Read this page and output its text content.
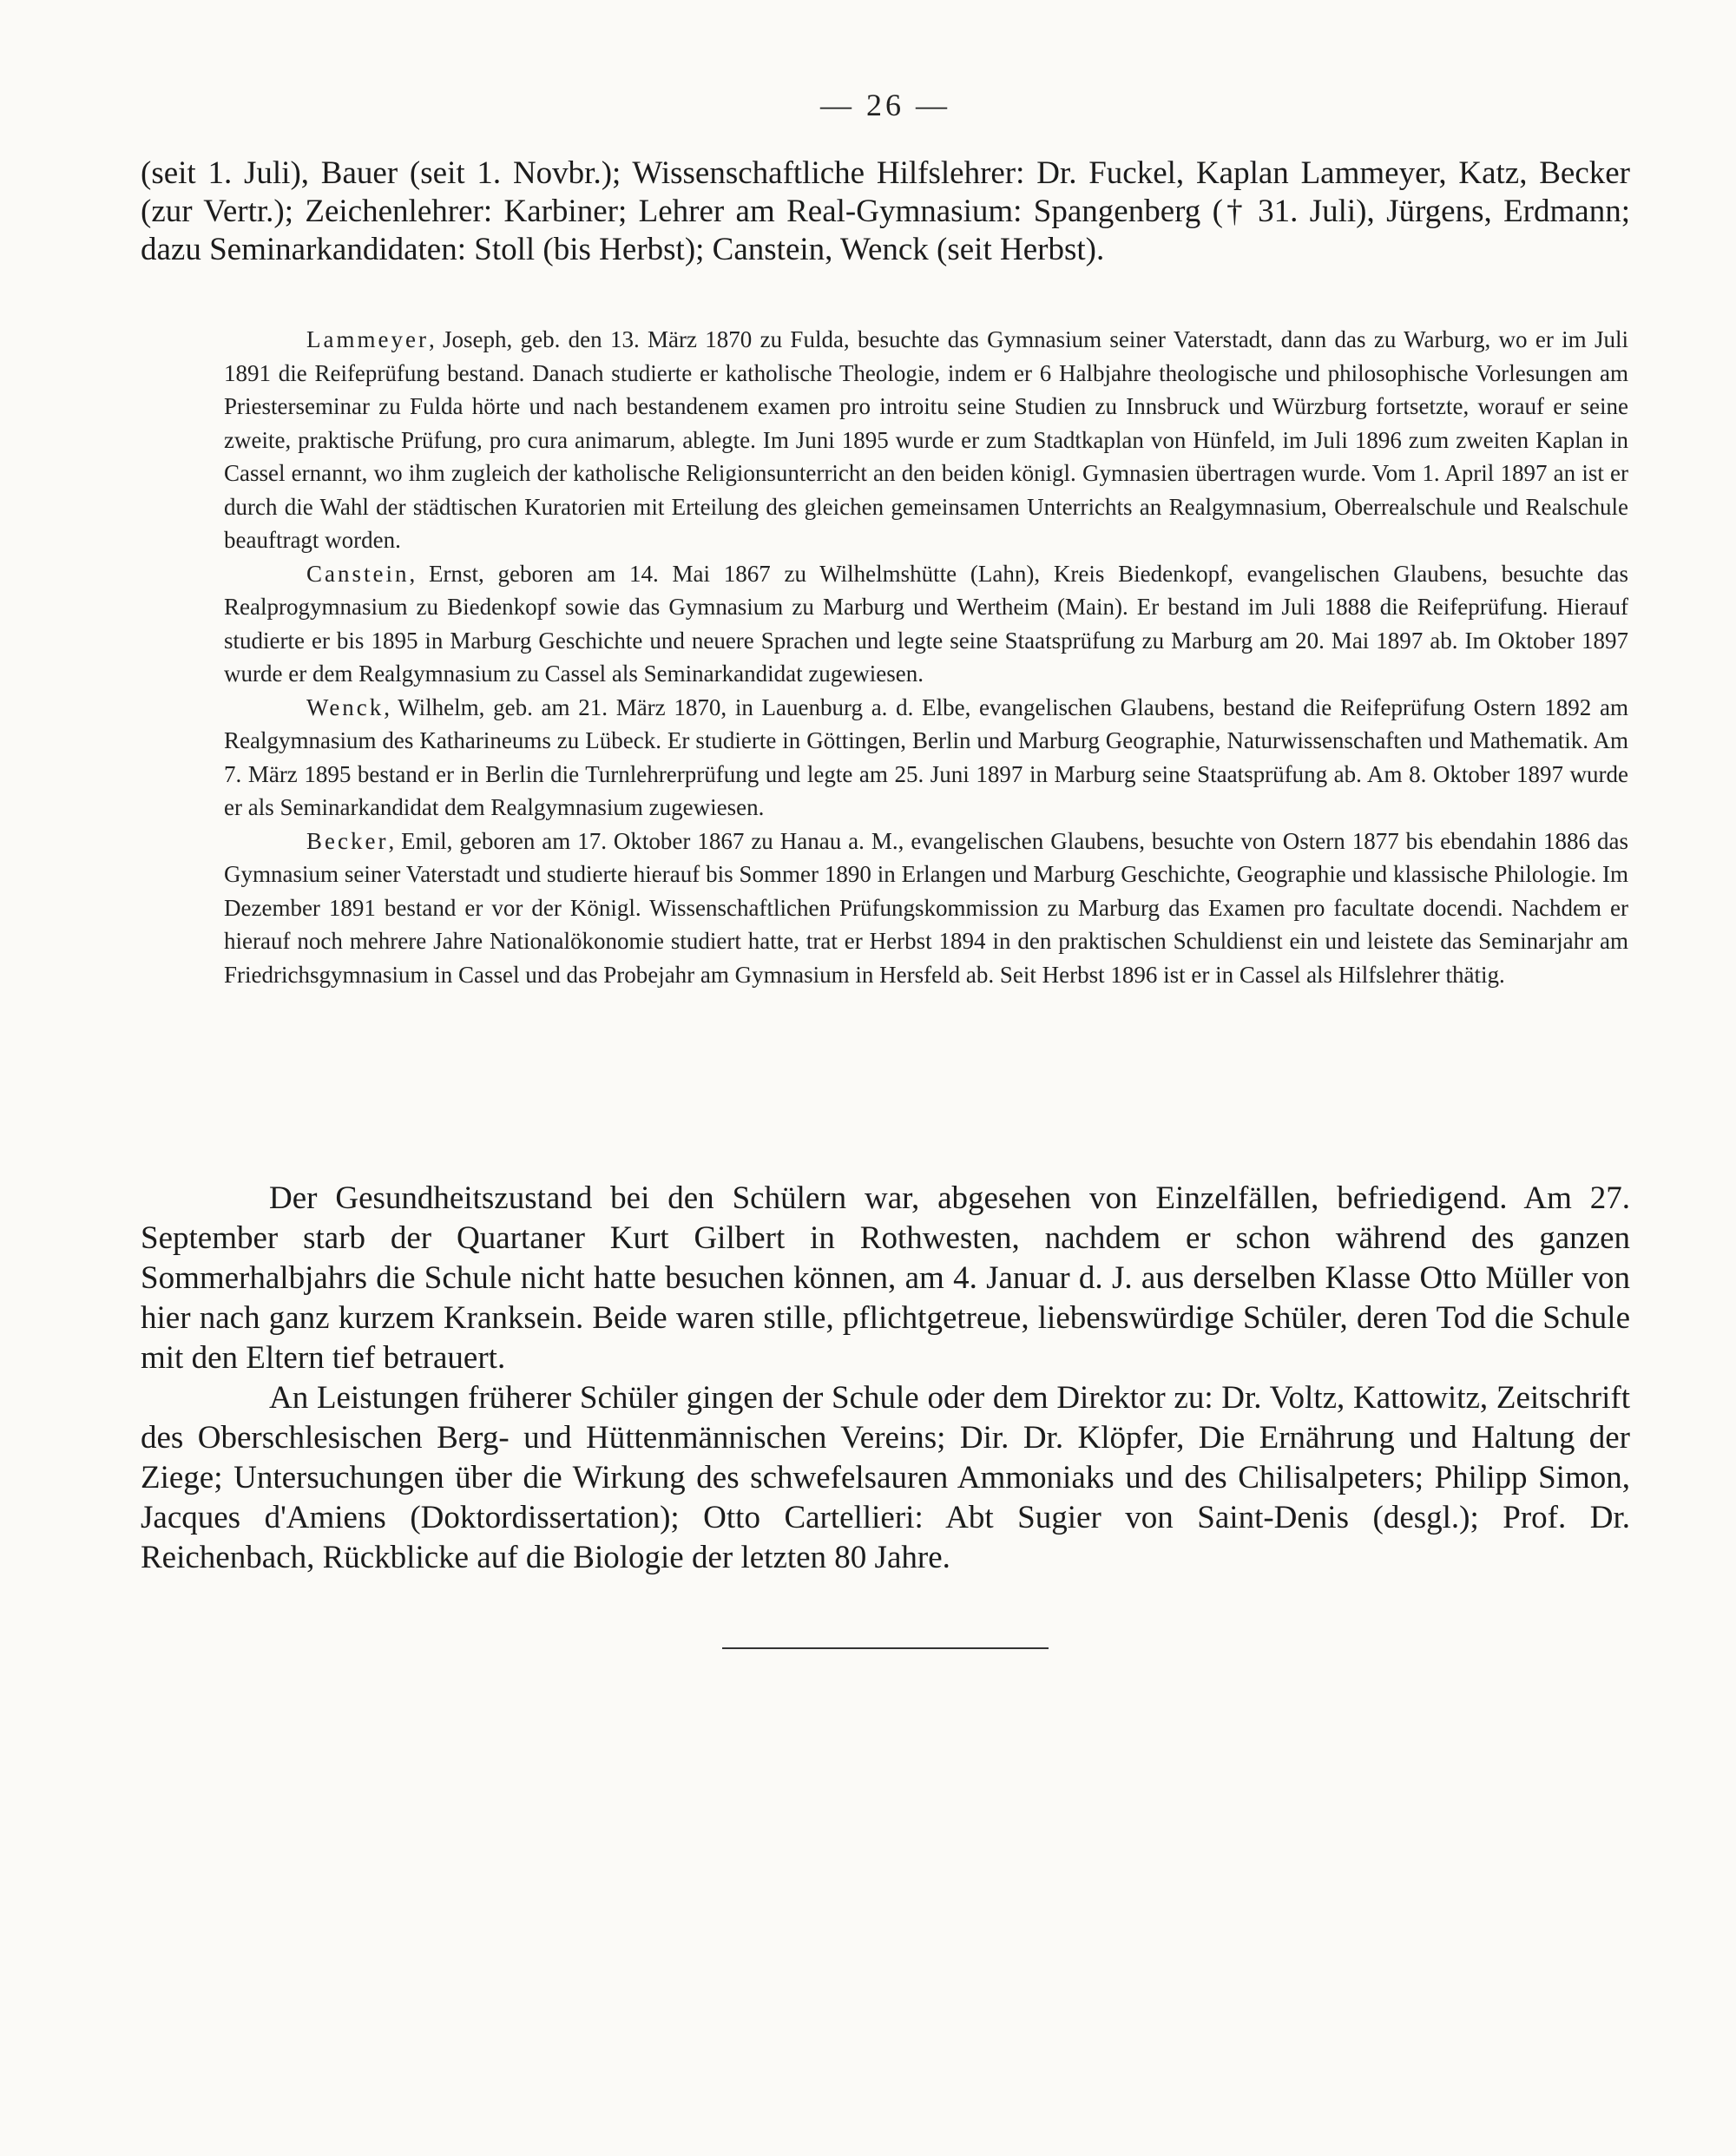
— 26 —

(seit 1. Juli), Bauer (seit 1. Novbr.); Wissenschaftliche Hilfslehrer: Dr. Fuckel, Kaplan Lammeyer, Katz, Becker (zur Vertr.); Zeichenlehrer: Karbiner; Lehrer am Real-Gymnasium: Spangenberg († 31. Juli), Jürgens, Erdmann; dazu Seminarkandidaten: Stoll (bis Herbst); Canstein, Wenck (seit Herbst).

Lammeyer, Joseph, geb. den 13. März 1870 zu Fulda, besuchte das Gymnasium seiner Vaterstadt, dann das zu Warburg, wo er im Juli 1891 die Reifeprüfung bestand. Danach studierte er katholische Theologie, indem er 6 Halbjahre theologische und philosophische Vorlesungen am Priesterseminar zu Fulda hörte und nach bestandenem examen pro introitu seine Studien zu Innsbruck und Würzburg fortsetzte, worauf er seine zweite, praktische Prüfung, pro cura animarum, ablegte. Im Juni 1895 wurde er zum Stadtkaplan von Hünfeld, im Juli 1896 zum zweiten Kaplan in Cassel ernannt, wo ihm zugleich der katholische Religionsunterricht an den beiden königl. Gymnasien übertragen wurde. Vom 1. April 1897 an ist er durch die Wahl der städtischen Kuratorien mit Erteilung des gleichen gemeinsamen Unterrichts an Realgymnasium, Oberrealschule und Realschule beauftragt worden.

Canstein, Ernst, geboren am 14. Mai 1867 zu Wilhelmshütte (Lahn), Kreis Biedenkopf, evangelischen Glaubens, besuchte das Realprogymnasium zu Biedenkopf sowie das Gymnasium zu Marburg und Wertheim (Main). Er bestand im Juli 1888 die Reifeprüfung. Hierauf studierte er bis 1895 in Marburg Geschichte und neuere Sprachen und legte seine Staatsprüfung zu Marburg am 20. Mai 1897 ab. Im Oktober 1897 wurde er dem Realgymnasium zu Cassel als Seminarkandidat zugewiesen.

Wenck, Wilhelm, geb. am 21. März 1870, in Lauenburg a. d. Elbe, evangelischen Glaubens, bestand die Reifeprüfung Ostern 1892 am Realgymnasium des Katharineums zu Lübeck. Er studierte in Göttingen, Berlin und Marburg Geographie, Naturwissenschaften und Mathematik. Am 7. März 1895 bestand er in Berlin die Turnlehrerprüfung und legte am 25. Juni 1897 in Marburg seine Staatsprüfung ab. Am 8. Oktober 1897 wurde er als Seminarkandidat dem Realgymnasium zugewiesen.

Becker, Emil, geboren am 17. Oktober 1867 zu Hanau a. M., evangelischen Glaubens, besuchte von Ostern 1877 bis ebendahin 1886 das Gymnasium seiner Vaterstadt und studierte hierauf bis Sommer 1890 in Erlangen und Marburg Geschichte, Geographie und klassische Philologie. Im Dezember 1891 bestand er vor der Königl. Wissenschaftlichen Prüfungskommission zu Marburg das Examen pro facultate docendi. Nachdem er hierauf noch mehrere Jahre Nationalökonomie studiert hatte, trat er Herbst 1894 in den praktischen Schuldienst ein und leistete das Seminarjahr am Friedrichsgymnasium in Cassel und das Probejahr am Gymnasium in Hersfeld ab. Seit Herbst 1896 ist er in Cassel als Hilfslehrer thätig.

Der Gesundheitszustand bei den Schülern war, abgesehen von Einzelfällen, befriedigend. Am 27. September starb der Quartaner Kurt Gilbert in Rothwesten, nachdem er schon während des ganzen Sommerhalbjahrs die Schule nicht hatte besuchen können, am 4. Januar d. J. aus derselben Klasse Otto Müller von hier nach ganz kurzem Kranksein. Beide waren stille, pflichtgetreue, liebenswürdige Schüler, deren Tod die Schule mit den Eltern tief betrauert.

An Leistungen früherer Schüler gingen der Schule oder dem Direktor zu: Dr. Voltz, Kattowitz, Zeitschrift des Oberschlesischen Berg- und Hüttenmännischen Vereins; Dir. Dr. Klöpfer, Die Ernährung und Haltung der Ziege; Untersuchungen über die Wirkung des schwefelsauren Ammoniaks und des Chilisalpeters; Philipp Simon, Jacques d'Amiens (Doktordissertation); Otto Cartellieri: Abt Sugier von Saint-Denis (desgl.); Prof. Dr. Reichenbach, Rückblicke auf die Biologie der letzten 80 Jahre.
